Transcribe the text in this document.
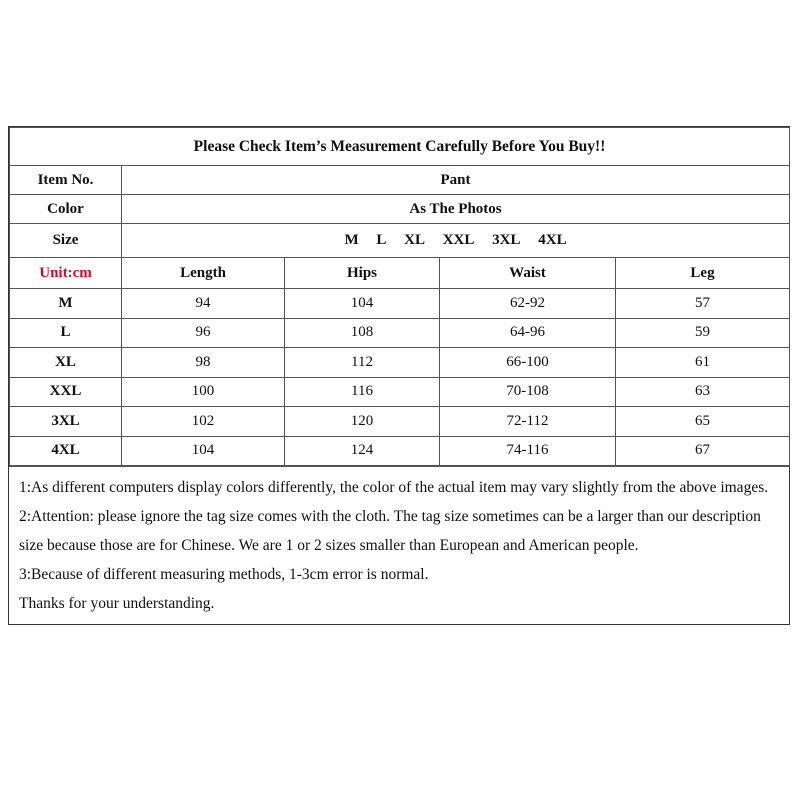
Please Check Item’s Measurement Carefully Before You Buy!!				
Item No.	Pant			
Color	As The Photos			
Size	M L XL XXL 3XL 4XL			
Unit:cm	Length	Hips	Waist	Leg
M	94	104	62-92	57
L	96	108	64-96	59
XL	98	112	66-100	61
XXL	100	116	70-108	63
3XL	102	120	72-112	65
4XL	104	124	74-116	67

1:As different computers display colors differently, the color of the actual item may vary slightly from the above images.

2:Attention: please ignore the tag size comes with the cloth. The tag size sometimes can be a larger than our description size because those are for Chinese. We are 1 or 2 sizes smaller than European and American people.

3:Because of different measuring methods, 1-3cm error is normal.

Thanks for your understanding.
